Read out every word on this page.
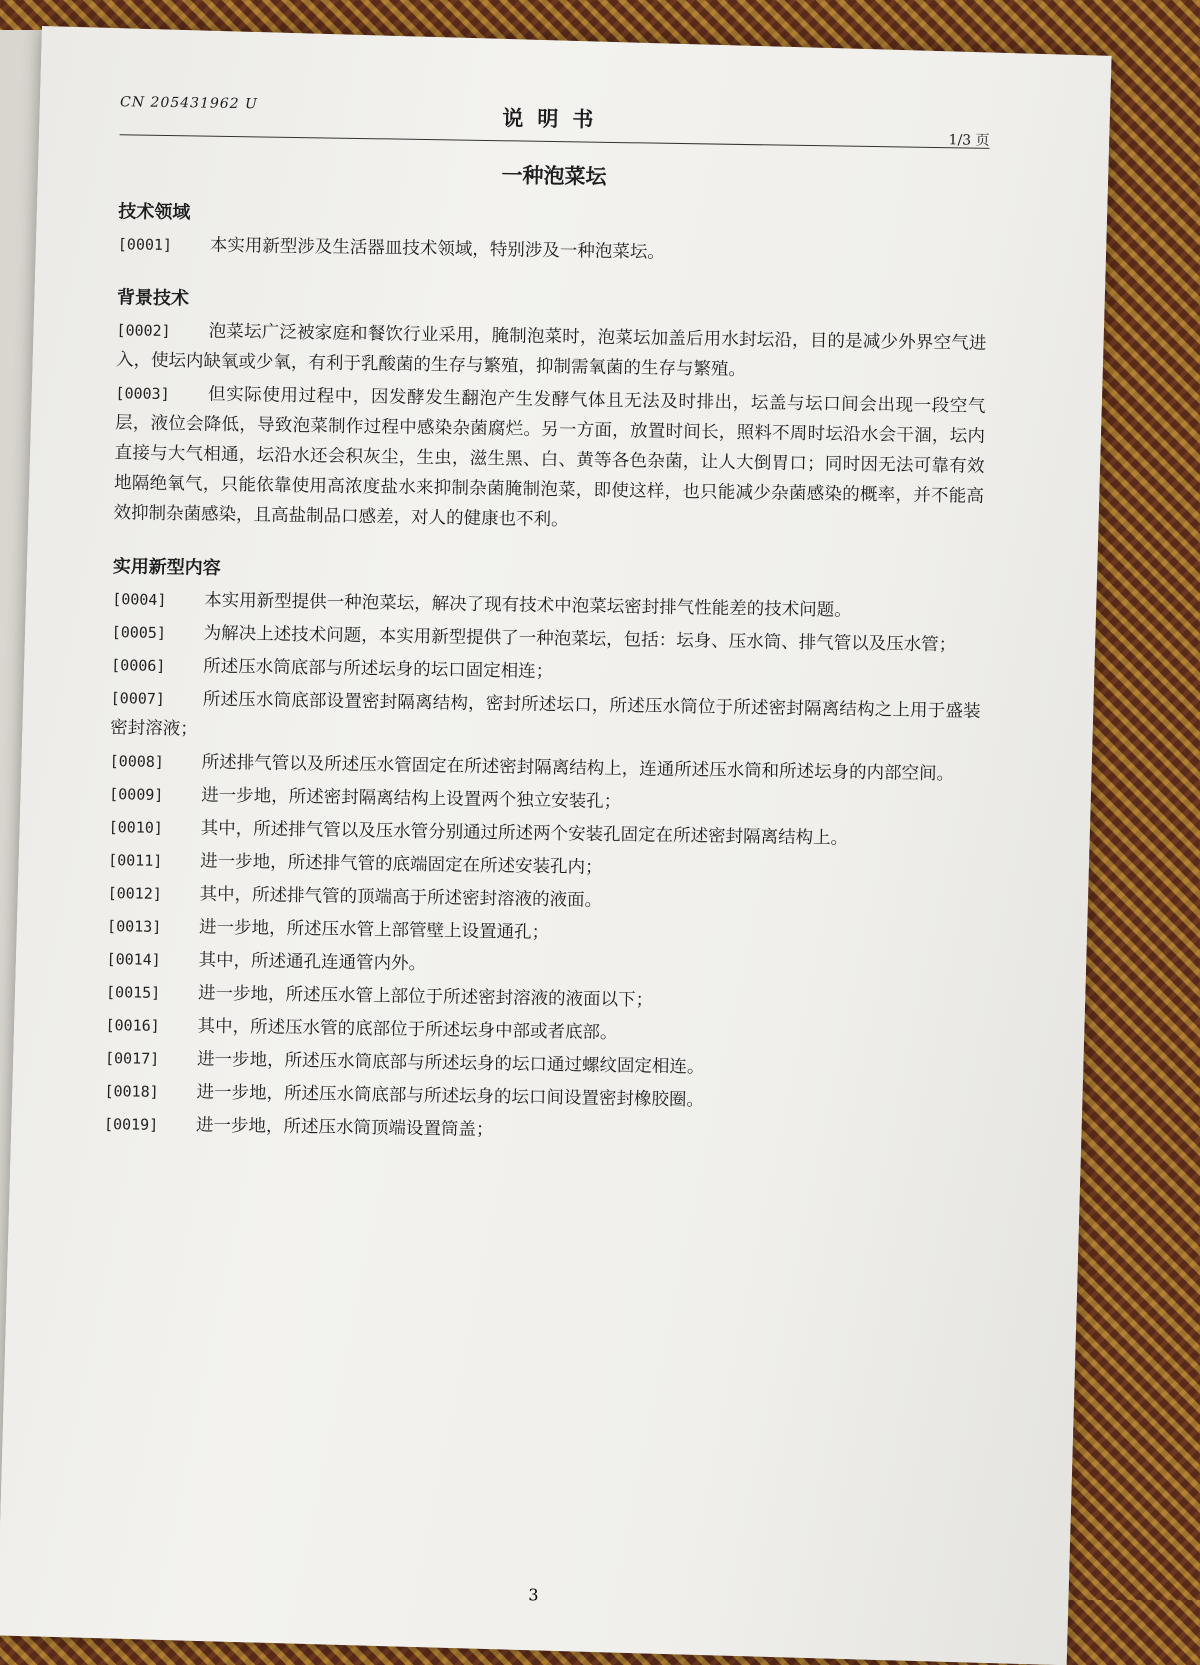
CN 205431962 U
说明书
1/3 页
一种泡菜坛
技术领域

[0001] 本实用新型涉及生活器皿技术领域，特别涉及一种泡菜坛。

背景技术

[0002] 泡菜坛广泛被家庭和餐饮行业采用，腌制泡菜时，泡菜坛加盖后用水封坛沿，目的是减少外界空气进入，使坛内缺氧或少氧，有利于乳酸菌的生存与繁殖，抑制需氧菌的生存与繁殖。

[0003] 但实际使用过程中，因发酵发生翻泡产生发酵气体且无法及时排出，坛盖与坛口间会出现一段空气层，液位会降低，导致泡菜制作过程中感染杂菌腐烂。另一方面，放置时间长，照料不周时坛沿水会干涸，坛内直接与大气相通，坛沿水还会积灰尘，生虫，滋生黑、白、黄等各色杂菌，让人大倒胃口；同时因无法可靠有效地隔绝氧气，只能依靠使用高浓度盐水来抑制杂菌腌制泡菜，即使这样，也只能减少杂菌感染的概率，并不能高效抑制杂菌感染，且高盐制品口感差，对人的健康也不利。

实用新型内容

[0004] 本实用新型提供一种泡菜坛，解决了现有技术中泡菜坛密封排气性能差的技术问题。

[0005] 为解决上述技术问题，本实用新型提供了一种泡菜坛，包括：坛身、压水筒、排气管以及压水管；

[0006] 所述压水筒底部与所述坛身的坛口固定相连；

[0007] 所述压水筒底部设置密封隔离结构，密封所述坛口，所述压水筒位于所述密封隔离结构之上用于盛装密封溶液；

[0008] 所述排气管以及所述压水管固定在所述密封隔离结构上，连通所述压水筒和所述坛身的内部空间。

[0009] 进一步地，所述密封隔离结构上设置两个独立安装孔；

[0010] 其中，所述排气管以及压水管分别通过所述两个安装孔固定在所述密封隔离结构上。

[0011] 进一步地，所述排气管的底端固定在所述安装孔内；

[0012] 其中，所述排气管的顶端高于所述密封溶液的液面。

[0013] 进一步地，所述压水管上部管壁上设置通孔；

[0014] 其中，所述通孔连通管内外。

[0015] 进一步地，所述压水管上部位于所述密封溶液的液面以下；

[0016] 其中，所述压水管的底部位于所述坛身中部或者底部。

[0017] 进一步地，所述压水筒底部与所述坛身的坛口通过螺纹固定相连。

[0018] 进一步地，所述压水筒底部与所述坛身的坛口间设置密封橡胶圈。

[0019] 进一步地，所述压水筒顶端设置筒盖；

3
